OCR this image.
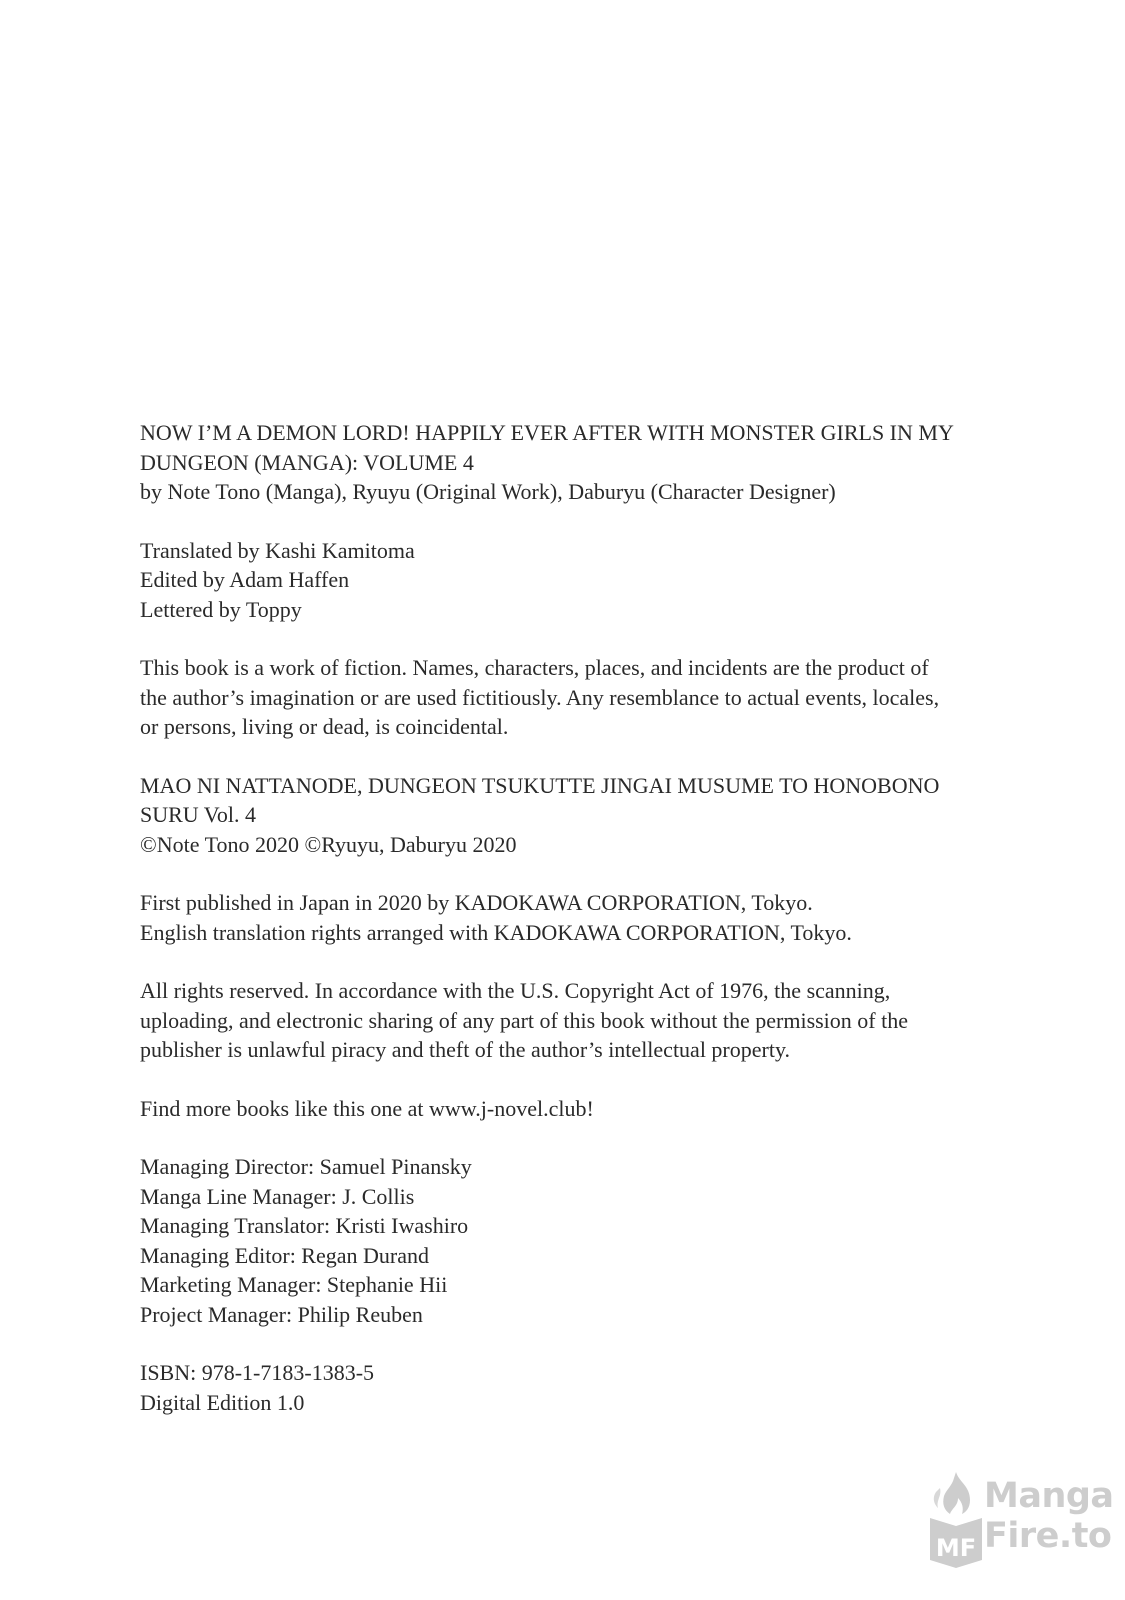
NOW I’M A DEMON LORD! HAPPILY EVER AFTER WITH MONSTER GIRLS IN MY
DUNGEON (MANGA): VOLUME 4
by Note Tono (Manga), Ryuyu (Original Work), Daburyu (Character Designer)
Translated by Kashi Kamitoma
Edited by Adam Haffen
Lettered by Toppy
This book is a work of fiction. Names, characters, places, and incidents are the product of
the author’s imagination or are used fictitiously. Any resemblance to actual events, locales,
or persons, living or dead, is coincidental.
MAO NI NATTANODE, DUNGEON TSUKUTTE JINGAI MUSUME TO HONOBONO
SURU Vol. 4
©Note Tono 2020 ©Ryuyu, Daburyu 2020
First published in Japan in 2020 by KADOKAWA CORPORATION, Tokyo.
English translation rights arranged with KADOKAWA CORPORATION, Tokyo.
All rights reserved. In accordance with the U.S. Copyright Act of 1976, the scanning,
uploading, and electronic sharing of any part of this book without the permission of the
publisher is unlawful piracy and theft of the author’s intellectual property.
Find more books like this one at www.j-novel.club!
Managing Director: Samuel Pinansky
Manga Line Manager: J. Collis
Managing Translator: Kristi Iwashiro
Managing Editor: Regan Durand
Marketing Manager: Stephanie Hii
Project Manager: Philip Reuben
ISBN: 978-1-7183-1383-5
Digital Edition 1.0
MF
Manga
Fire.to
